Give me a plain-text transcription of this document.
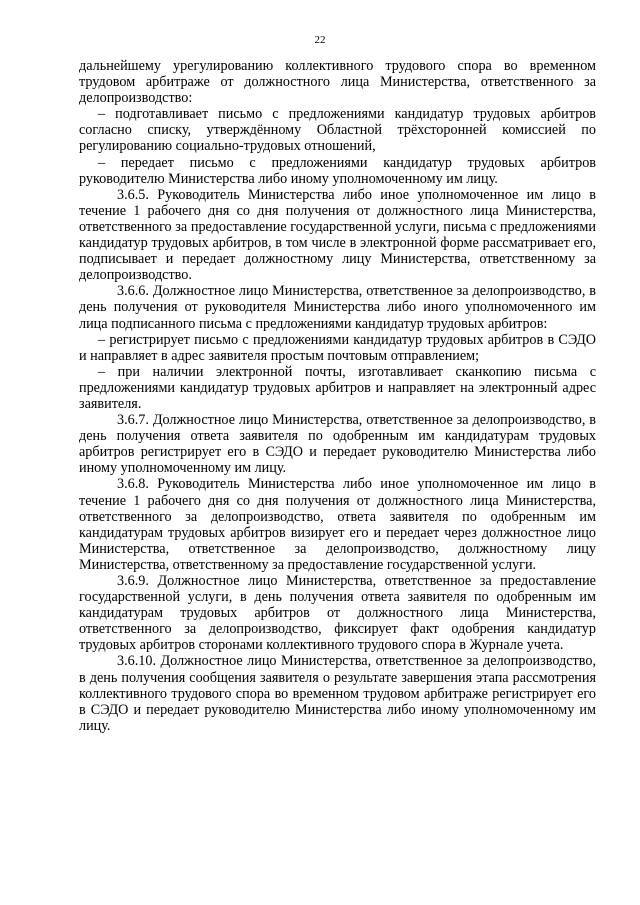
22

дальнейшему урегулированию коллективного трудового спора во временном трудовом арбитраже от должностного лица Министерства, ответственного за делопроизводство:

– подготавливает письмо с предложениями кандидатур трудовых арбитров согласно списку, утверждённому Областной трёхсторонней комиссией по регулированию социально-трудовых отношений,

– передает письмо с предложениями кандидатур трудовых арбитров руководителю Министерства либо иному уполномоченному им лицу.

3.6.5. Руководитель Министерства либо иное уполномоченное им лицо в течение 1 рабочего дня со дня получения от должностного лица Министерства, ответственного за предоставление государственной услуги, письма с предложениями кандидатур трудовых арбитров, в том числе в электронной форме рассматривает его, подписывает и передает должностному лицу Министерства, ответственному за делопроизводство.

3.6.6. Должностное лицо Министерства, ответственное за делопроизводство, в день получения от руководителя Министерства либо иного уполномоченного им лица подписанного письма с предложениями кандидатур трудовых арбитров:

– регистрирует письмо с предложениями кандидатур трудовых арбитров в СЭДО и направляет в адрес заявителя простым почтовым отправлением;

– при наличии электронной почты, изготавливает сканкопию письма с предложениями кандидатур трудовых арбитров и направляет на электронный адрес заявителя.

3.6.7. Должностное лицо Министерства, ответственное за делопроизводство, в день получения ответа заявителя по одобренным им кандидатурам трудовых арбитров регистрирует его в СЭДО и передает руководителю Министерства либо иному уполномоченному им лицу.

3.6.8. Руководитель Министерства либо иное уполномоченное им лицо в течение 1 рабочего дня со дня получения от должностного лица Министерства, ответственного за делопроизводство, ответа заявителя по одобренным им кандидатурам трудовых арбитров визирует его и передает через должностное лицо Министерства, ответственное за делопроизводство, должностному лицу Министерства, ответственному за предоставление государственной услуги.

3.6.9. Должностное лицо Министерства, ответственное за предоставление государственной услуги, в день получения ответа заявителя по одобренным им кандидатурам трудовых арбитров от должностного лица Министерства, ответственного за делопроизводство, фиксирует факт одобрения кандидатур трудовых арбитров сторонами коллективного трудового спора в Журнале учета.

3.6.10. Должностное лицо Министерства, ответственное за делопроизводство, в день получения сообщения заявителя о результате завершения этапа рассмотрения коллективного трудового спора во временном трудовом арбитраже регистрирует его в СЭДО и передает руководителю Министерства либо иному уполномоченному им лицу.
